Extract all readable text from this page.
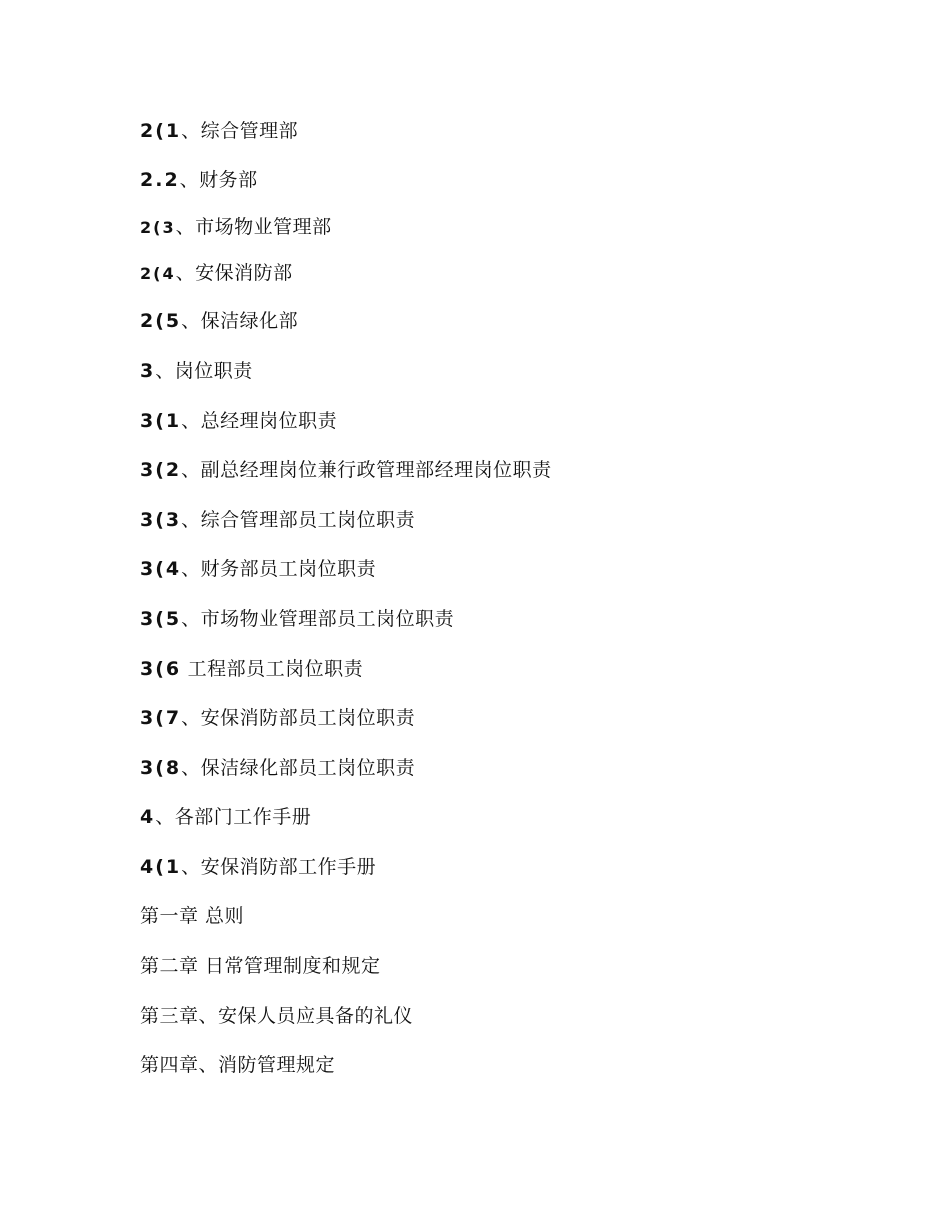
2(1、综合管理部
2.2、财务部
2(3、市场物业管理部
2(4、安保消防部
2(5、保洁绿化部
3、岗位职责
3(1、总经理岗位职责
3(2、副总经理岗位兼行政管理部经理岗位职责
3(3、综合管理部员工岗位职责
3(4、财务部员工岗位职责
3(5、市场物业管理部员工岗位职责
3(6 工程部员工岗位职责
3(7、安保消防部员工岗位职责
3(8、保洁绿化部员工岗位职责
4、各部门工作手册
4(1、安保消防部工作手册
第一章 总则
第二章 日常管理制度和规定
第三章、安保人员应具备的礼仪
第四章、消防管理规定
